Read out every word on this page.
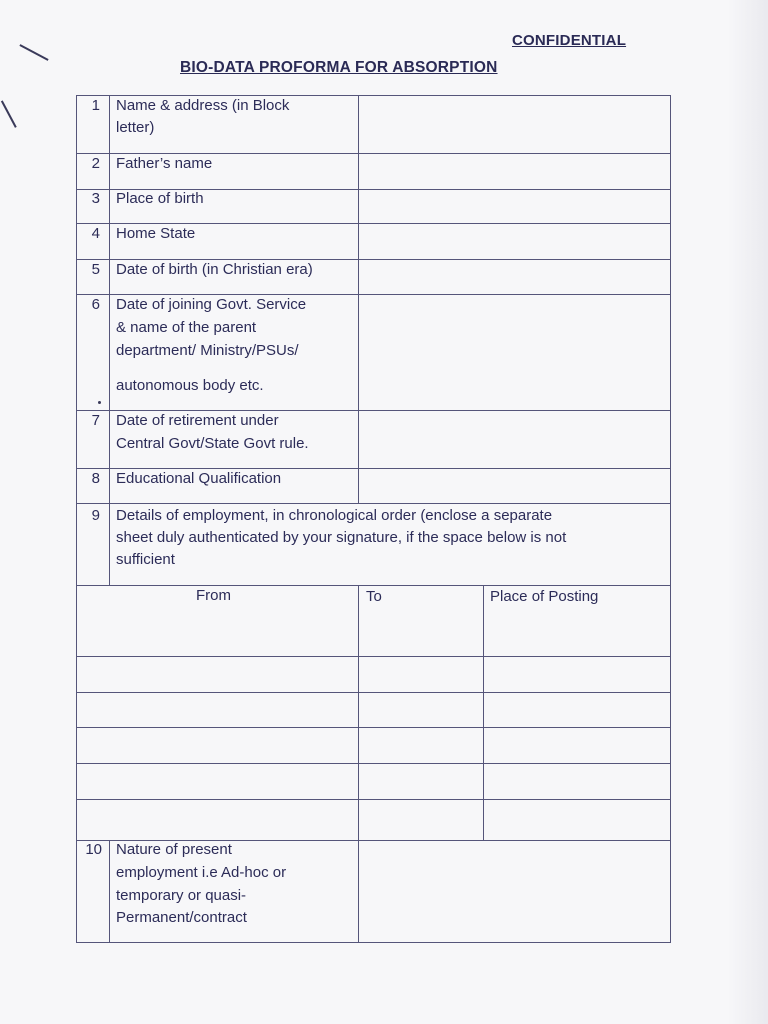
CONFIDENTIAL
BIO-DATA PROFORMA FOR ABSORPTION
1 Name & address (in Block
letter)
2 Father’s name
3 Place of birth
4 Home State
5 Date of birth (in Christian era)
6 Date of joining Govt. Service
& name of the parent
department/ Ministry/PSUs/
autonomous body etc.
7 Date of retirement under
Central Govt/State Govt rule.
8 Educational Qualification
9 Details of employment, in chronological order (enclose a separate
sheet duly authenticated by your signature, if the space below is not
sufficient
From	To	Place of Posting
10 Nature of present
employment i.e Ad-hoc or
temporary or quasi-
Permanent/contract
